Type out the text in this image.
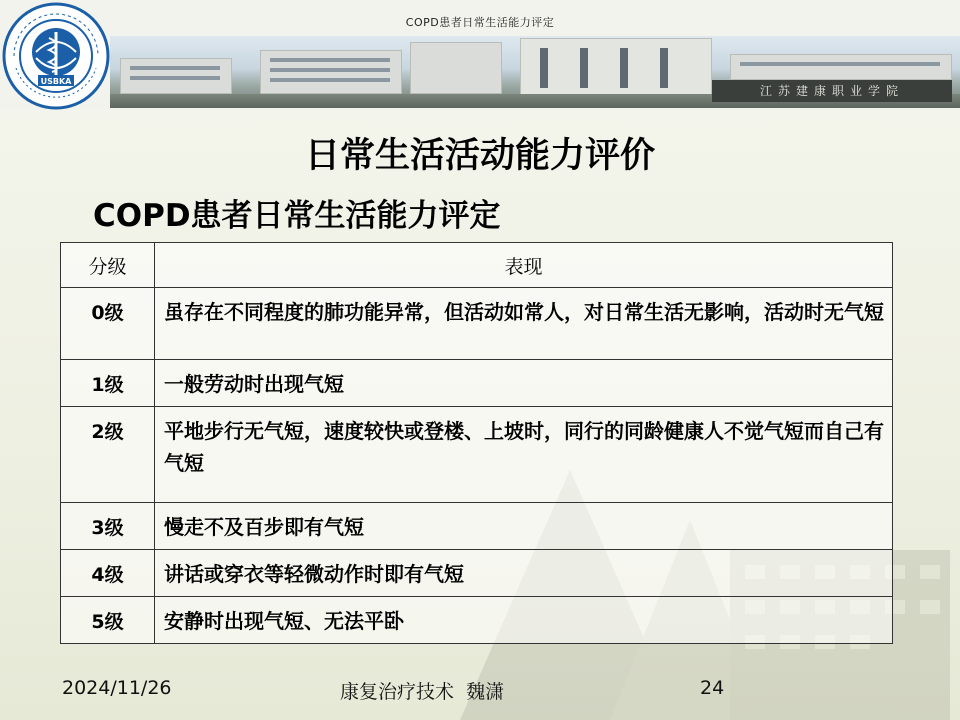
COPD患者日常生活能力评定
江苏建康职业学院
USBKA
日常生活活动能力评价
COPD患者日常生活能力评定
分级	表现
0级	虽存在不同程度的肺功能异常，但活动如常人，对日常生活无影响，活动时无气短
1级	一般劳动时出现气短
2级	平地步行无气短，速度较快或登楼、上坡时，同行的同龄健康人不觉气短而自己有气短
3级	慢走不及百步即有气短
4级	讲话或穿衣等轻微动作时即有气短
5级	安静时出现气短、无法平卧
2024/11/26	康复治疗技术  魏潇	24
